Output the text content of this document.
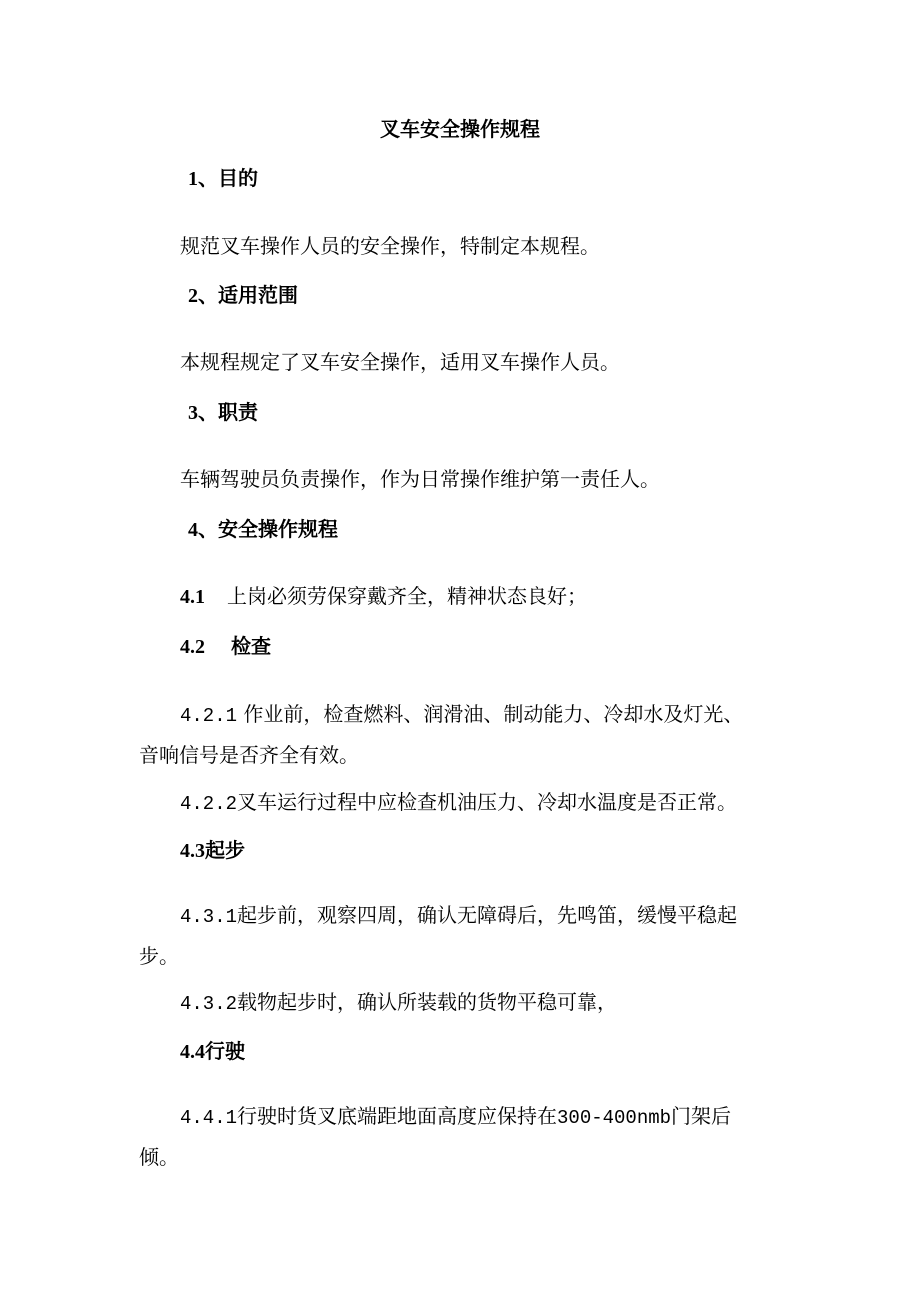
叉车安全操作规程
1、目的
规范叉车操作人员的安全操作，特制定本规程。
2、适用范围
本规程规定了叉车安全操作，适用叉车操作人员。
3、职责
车辆驾驶员负责操作，作为日常操作维护第一责任人。
4、安全操作规程
4.1 上岗必须劳保穿戴齐全，精神状态良好；
4.2 检查
4.2.1 作业前，检查燃料、润滑油、制动能力、冷却水及灯光、
音响信号是否齐全有效。
4.2.2叉车运行过程中应检查机油压力、冷却水温度是否正常。
4.3起步
4.3.1起步前，观察四周，确认无障碍后，先鸣笛，缓慢平稳起
步。
4.3.2载物起步时，确认所装载的货物平稳可靠，
4.4行驶
4.4.1行驶时货叉底端距地面高度应保持在300-400nmb门架后
倾。
